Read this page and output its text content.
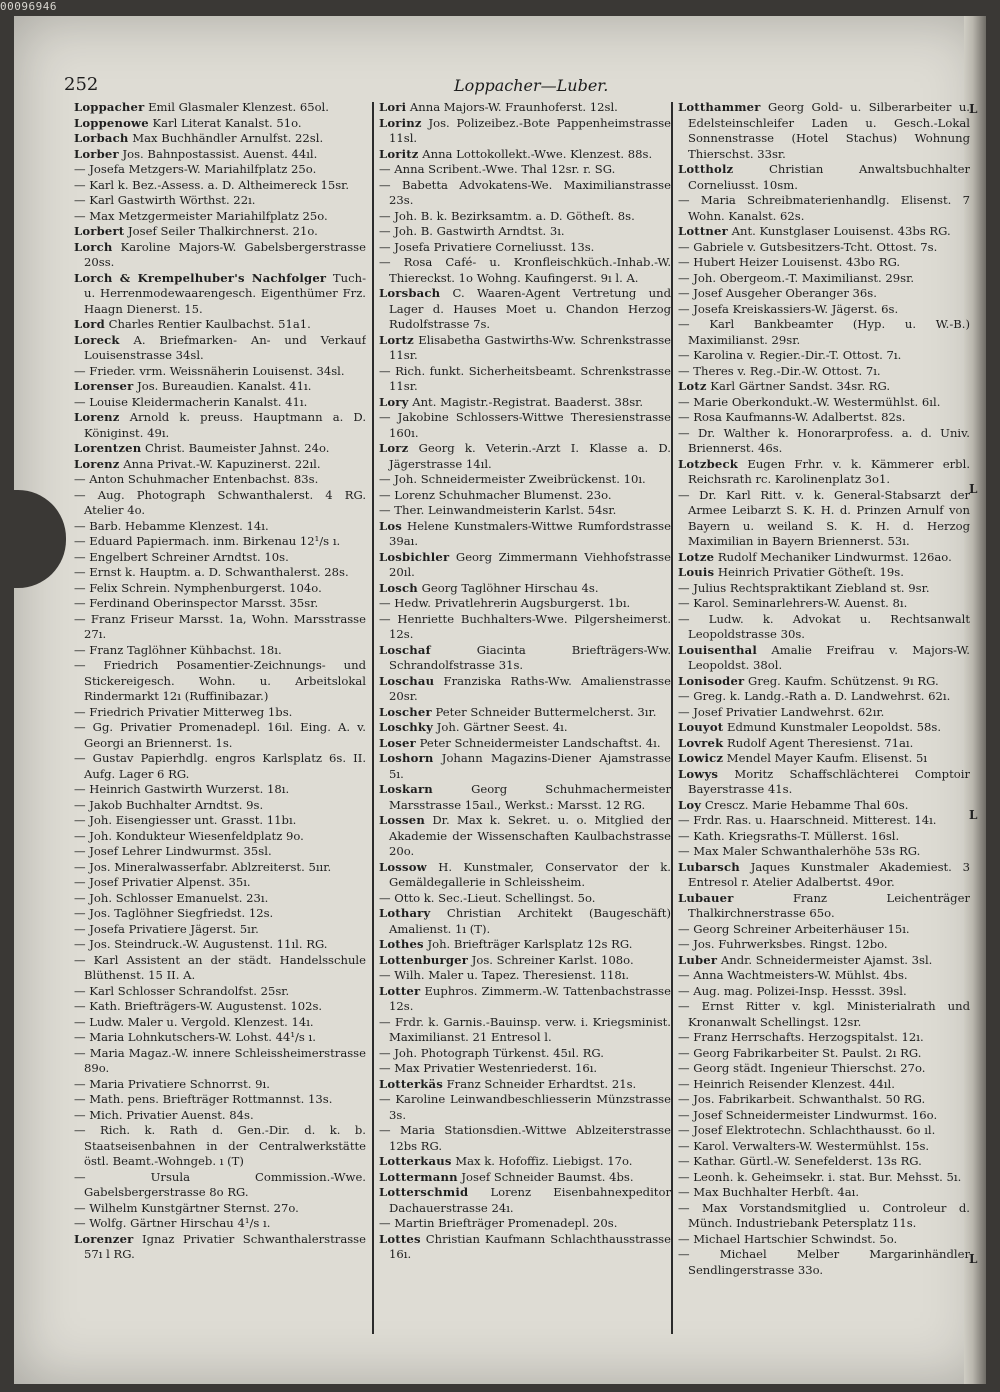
00096946
L
L
L
L
252	Loppacher—Luber.
Loppacher Emil Glasmaler Klenzest. 65ol.
Loppenowe Karl Literat Kanalst. 51o.
Lorbach Max Buchhändler Arnulfst. 22sl.
Lorber Jos. Bahnpostassist. Auenst. 44ıl.
— Josefa Metzgers-W. Mariahilfplatz 25o.
— Karl k. Bez.-Assess. a. D. Altheimereck 15sr.
— Karl Gastwirth Wörthst. 22ı.
— Max Metzgermeister Mariahilfplatz 25o.
Lorbert Josef Seiler Thalkirchnerst. 21o.
Lorch Karoline Majors-W. Gabelsbergerstrasse 20ss.
Lorch & Krempelhuber's Nachfolger Tuch- u. Herrenmodewaarengesch. Eigenthümer Frz. Haagn Dienerst. 15.
Lord Charles Rentier Kaulbachst. 51a1.
Loreck A. Briefmarken- An- und Verkauf Louisenstrasse 34sl.
— Frieder. vrm. Weissnäherin Louisenst. 34sl.
Lorenser Jos. Bureaudien. Kanalst. 41ı.
— Louise Kleidermacherin Kanalst. 41ı.
Lorenz Arnold k. preuss. Hauptmann a. D. Königinst. 49ı.
Lorentzen Christ. Baumeister Jahnst. 24o.
Lorenz Anna Privat.-W. Kapuzinerst. 22ıl.
— Anton Schuhmacher Entenbachst. 83s.
— Aug. Photograph Schwanthalerst. 4 RG. Atelier 4o.
— Barb. Hebamme Klenzest. 14ı.
— Eduard Papiermach. inm. Birkenau 12¹/s ı.
— Engelbert Schreiner Arndtst. 10s.
— Ernst k. Hauptm. a. D. Schwanthalerst. 28s.
— Felix Schrein. Nymphenburgerst. 104o.
— Ferdinand Oberinspector Marsst. 35sr.
— Franz Friseur Marsst. 1a, Wohn. Marsstrasse 27ı.
— Franz Taglöhner Kühbachst. 18ı.
— Friedrich Posamentier-Zeichnungs- und Stickereigesch. Wohn. u. Arbeitslokal Rindermarkt 12ı (Ruffinibazar.)
— Friedrich Privatier Mitterweg 1bs.
— Gg. Privatier Promenadepl. 16ıl. Eing. A. v. Georgi an Briennerst. 1s.
— Gustav Papierhdlg. engros Karlsplatz 6s. II. Aufg. Lager 6 RG.
— Heinrich Gastwirth Wurzerst. 18ı.
— Jakob Buchhalter Arndtst. 9s.
— Joh. Eisengiesser unt. Grasst. 11bı.
— Joh. Kondukteur Wiesenfeldplatz 9o.
— Josef Lehrer Lindwurmst. 35sl.
— Jos. Mineralwasserfabr. Ablzreiterst. 5ıır.
— Josef Privatier Alpenst. 35ı.
— Joh. Schlosser Emanuelst. 23ı.
— Jos. Taglöhner Siegfriedst. 12s.
— Josefa Privatiere Jägerst. 5ır.
— Jos. Steindruck.-W. Augustenst. 11ıl. RG.
— Karl Assistent an der städt. Handelsschule Blüthenst. 15 II. A.
— Karl Schlosser Schrandolfst. 25sr.
— Kath. Briefträgers-W. Augustenst. 102s.
— Ludw. Maler u. Vergold. Klenzest. 14ı.
— Maria Lohnkutschers-W. Lohst. 44¹/s ı.
— Maria Magaz.-W. innere Schleissheimerstrasse 89o.
— Maria Privatiere Schnorrst. 9ı.
— Math. pens. Briefträger Rottmannst. 13s.
— Mich. Privatier Auenst. 84s.
— Rich. k. Rath d. Gen.-Dir. d. k. b. Staatseisenbahnen in der Centralwerkstätte östl. Beamt.-Wohngeb. ı (T)
— Ursula Commission.-Wwe. Gabelsbergerstrasse 8o RG.
— Wilhelm Kunstgärtner Sternst. 27o.
— Wolfg. Gärtner Hirschau 4¹/s ı.
Lorenzer Ignaz Privatier Schwanthalerstrasse 57ı l RG.
Lori Anna Majors-W. Fraunhoferst. 12sl.
Lorinz Jos. Polizeibez.-Bote Pappenheimstrasse 11sl.
Loritz Anna Lottokollekt.-Wwe. Klenzest. 88s.
— Anna Scribent.-Wwe. Thal 12sr. r. SG.
— Babetta Advokatens-We. Maximilianstrasse 23s.
— Joh. B. k. Bezirksamtm. a. D. Götheſt. 8s.
— Joh. B. Gastwirth Arndtst. 3ı.
— Josefa Privatiere Corneliusst. 13s.
— Rosa Café- u. Kronfleischküch.-Inhab.-W. Thiereckst. 1o Wohng. Kaufingerst. 9ı l. A.
Lorsbach C. Waaren-Agent Vertretung und Lager d. Hauses Moet u. Chandon Herzog Rudolfstrasse 7s.
Lortz Elisabetha Gastwirths-Ww. Schrenkstrasse 11sr.
— Rich. funkt. Sicherheitsbeamt. Schrenkstrasse 11sr.
Lory Ant. Magistr.-Registrat. Baaderst. 38sr.
— Jakobine Schlossers-Wittwe Theresienstrasse 160ı.
Lorz Georg k. Veterin.-Arzt I. Klasse a. D. Jägerstrasse 14ıl.
— Joh. Schneidermeister Zweibrückenst. 10ı.
— Lorenz Schuhmacher Blumenst. 23o.
— Ther. Leinwandmeisterin Karlst. 54sr.
Los Helene Kunstmalers-Wittwe Rumfordstrasse 39aı.
Losbichler Georg Zimmermann Viehhofstrasse 20ıl.
Losch Georg Taglöhner Hirschau 4s.
— Hedw. Privatlehrerin Augsburgerst. 1bı.
— Henriette Buchhalters-Wwe. Pilgersheimerst. 12s.
Loschaf Giacinta Briefträgers-Ww. Schrandolfstrasse 31s.
Loschau Franziska Raths-Ww. Amalienstrasse 20sr.
Loscher Peter Schneider Buttermelcherst. 3ır.
Loschky Joh. Gärtner Seest. 4ı.
Loser Peter Schneidermeister Landschaftst. 4ı.
Loshorn Johann Magazins-Diener Ajamstrasse 5ı.
Loskarn Georg Schuhmachermeister Marsstrasse 15aıl., Werkst.: Marsst. 12 RG.
Lossen Dr. Max k. Sekret. u. o. Mitglied der Akademie der Wissenschaften Kaulbachstrasse 20o.
Lossow H. Kunstmaler, Conservator der k. Gemäldegallerie in Schleissheim.
— Otto k. Sec.-Lieut. Schellingst. 5o.
Lothary Christian Architekt (Baugeschäft) Amalienst. 1ı (T).
Lothes Joh. Briefträger Karlsplatz 12s RG.
Lottenburger Jos. Schreiner Karlst. 108o.
— Wilh. Maler u. Tapez. Theresienst. 118ı.
Lotter Euphros. Zimmerm.-W. Tattenbachstrasse 12s.
— Frdr. k. Garnis.-Bauinsp. verw. i. Kriegsminist. Maximilianst. 21 Entresol l.
— Joh. Photograph Türkenst. 45ıl. RG.
— Max Privatier Westenriederst. 16ı.
Lotterkäs Franz Schneider Erhardtst. 21s.
— Karoline Leinwandbeschliesserin Münzstrasse 3s.
— Maria Stationsdien.-Wittwe Ablzeiterstrasse 12bs RG.
Lotterkaus Max k. Hofoffiz. Liebigst. 17o.
Lottermann Josef Schneider Baumst. 4bs.
Lotterschmid Lorenz Eisenbahnexpeditor Dachauerstrasse 24ı.
— Martin Briefträger Promenadepl. 20s.
Lottes Christian Kaufmann Schlachthausstrasse 16ı.
Lotthammer Georg Gold- u. Silberarbeiter u. Edelsteinschleifer Laden u. Gesch.-Lokal Sonnenstrasse (Hotel Stachus) Wohnung Thierschst. 33sr.
Lottholz Christian Anwaltsbuchhalter Corneliusst. 10sm.
— Maria Schreibmaterienhandlg. Elisenst. 7 Wohn. Kanalst. 62s.
Lottner Ant. Kunstglaser Louisenst. 43bs RG.
— Gabriele v. Gutsbesitzers-Tcht. Ottost. 7s.
— Hubert Heizer Louisenst. 43bo RG.
— Joh. Obergeom.-T. Maximilianst. 29sr.
— Josef Ausgeher Oberanger 36s.
— Josefa Kreiskassiers-W. Jägerst. 6s.
— Karl Bankbeamter (Hyp. u. W.-B.) Maximilianst. 29sr.
— Karolina v. Regier.-Dir.-T. Ottost. 7ı.
— Theres v. Reg.-Dir.-W. Ottost. 7ı.
Lotz Karl Gärtner Sandst. 34sr. RG.
— Marie Oberkondukt.-W. Westermühlst. 6ıl.
— Rosa Kaufmanns-W. Adalbertst. 82s.
— Dr. Walther k. Honorarprofess. a. d. Univ. Briennerst. 46s.
Lotzbeck Eugen Frhr. v. k. Kämmerer erbl. Reichsrath rc. Karolinenplatz 3o1.
— Dr. Karl Ritt. v. k. General-Stabsarzt der Armee Leibarzt S. K. H. d. Prinzen Arnulf von Bayern u. weiland S. K. H. d. Herzog Maximilian in Bayern Briennerst. 53ı.
Lotze Rudolf Mechaniker Lindwurmst. 126ao.
Louis Heinrich Privatier Götheſt. 19s.
— Julius Rechtspraktikant Ziebland st. 9sr.
— Karol. Seminarlehrers-W. Auenst. 8ı.
— Ludw. k. Advokat u. Rechtsanwalt Leopoldstrasse 30s.
Louisenthal Amalie Freifrau v. Majors-W. Leopoldst. 38ol.
Lonisoder Greg. Kaufm. Schützenst. 9ı RG.
— Greg. k. Landg.-Rath a. D. Landwehrst. 62ı.
— Josef Privatier Landwehrst. 62ır.
Louyot Edmund Kunstmaler Leopoldst. 58s.
Lovrek Rudolf Agent Theresienst. 71aı.
Lowicz Mendel Mayer Kaufm. Elisenst. 5ı
Lowys Moritz Schaffschlächterei Comptoir Bayerstrasse 41s.
Loy Crescz. Marie Hebamme Thal 60s.
— Frdr. Ras. u. Haarschneid. Mitterest. 14ı.
— Kath. Kriegsraths-T. Müllerst. 16sl.
— Max Maler Schwanthalerhöhe 53s RG.
Lubarsch Jaques Kunstmaler Akademiest. 3 Entresol r. Atelier Adalbertst. 49or.
Lubauer Franz Leichenträger Thalkirchnerstrasse 65o.
— Georg Schreiner Arbeiterhäuser 15ı.
— Jos. Fuhrwerksbes. Ringst. 12bo.
Luber Andr. Schneidermeister Ajamst. 3sl.
— Anna Wachtmeisters-W. Mühlst. 4bs.
— Aug. mag. Polizei-Insp. Hessst. 39sl.
— Ernst Ritter v. kgl. Ministerialrath und Kronanwalt Schellingst. 12sr.
— Franz Herrschafts. Herzogspitalst. 12ı.
— Georg Fabrikarbeiter St. Paulst. 2ı RG.
— Georg städt. Ingenieur Thierschst. 27o.
— Heinrich Reisender Klenzest. 44ıl.
— Jos. Fabrikarbeit. Schwanthalst. 50 RG.
— Josef Schneidermeister Lindwurmst. 16o.
— Josef Elektrotechn. Schlachthausst. 6o ıl.
— Karol. Verwalters-W. Westermühlst. 15s.
— Kathar. Gürtl.-W. Senefelderst. 13s RG.
— Leonh. k. Geheimsekr. i. stat. Bur. Mehsst. 5ı.
— Max Buchhalter Herbſt. 4aı.
— Max Vorstandsmitglied u. Controleur d. Münch. Industriebank Petersplatz 11s.
— Michael Hartschier Schwindst. 5o.
— Michael Melber Margarinhändler Sendlingerstrasse 33o.
